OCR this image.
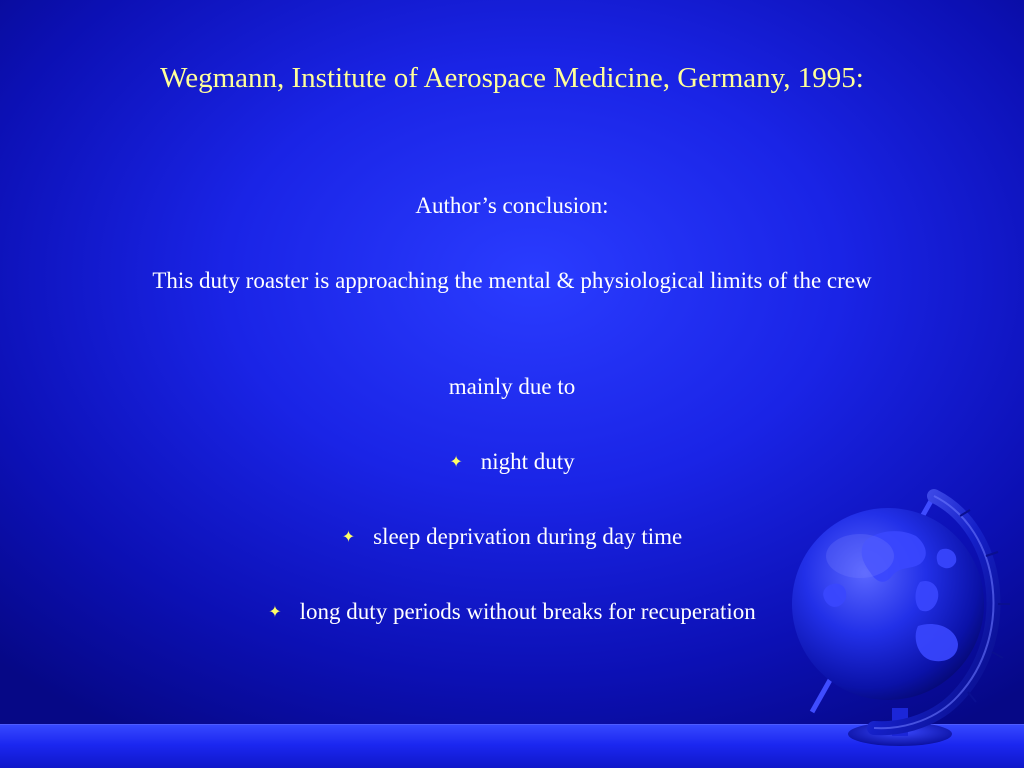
Wegmann, Institute of Aerospace Medicine, Germany, 1995:

Author’s conclusion:

This duty roaster is approaching the mental & physiological limits of the crew

mainly due to

✦ night duty
✦ sleep deprivation during day time
✦ long duty periods without breaks for recuperation
